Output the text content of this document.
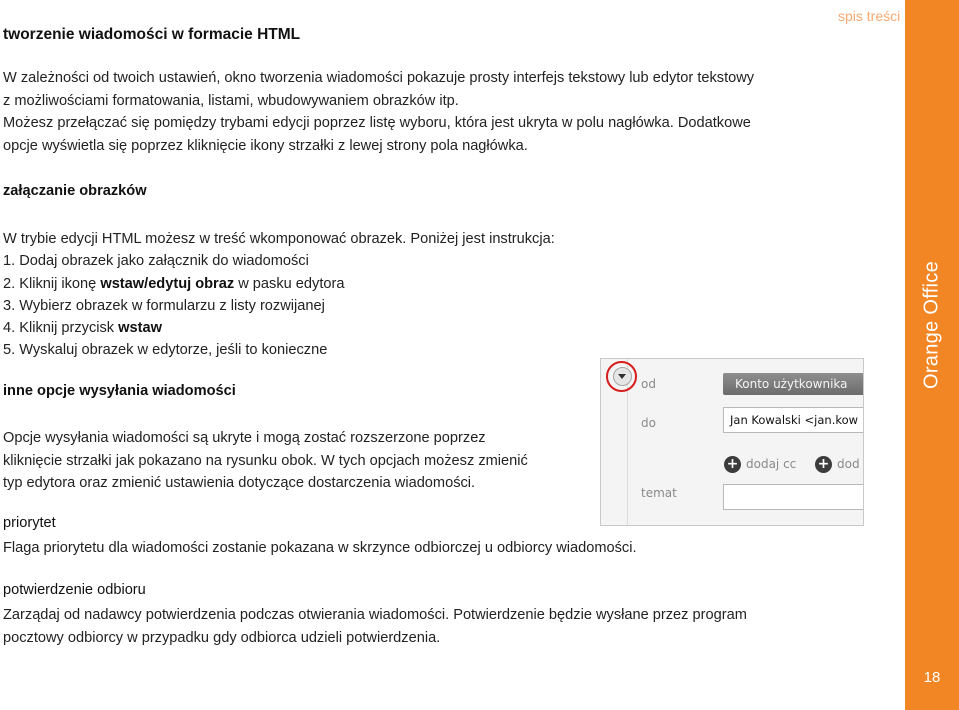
tworzenie wiadomości w formacie HTML
spis treści

W zależności od twoich ustawień, okno tworzenia wiadomości pokazuje prosty interfejs tekstowy lub edytor tekstowy

z możliwościami formatowania, listami, wbudowywaniem obrazków itp.

Możesz przełączać się pomiędzy trybami edycji poprzez listę wyboru, która jest ukryta w polu nagłówka. Dodatkowe

opcje wyświetla się poprzez kliknięcie ikony strzałki z lewej strony pola nagłówka.

załączanie obrazków

W trybie edycji HTML możesz w treść wkomponować obrazek. Poniżej jest instrukcja:

1. Dodaj obrazek jako załącznik do wiadomości

2. Kliknij ikonę wstaw/edytuj obraz w pasku edytora

3. Wybierz obrazek w formularzu z listy rozwijanej

4. Kliknij przycisk wstaw

5. Wyskaluj obrazek w edytorze, jeśli to konieczne

inne opcje wysyłania wiadomości

Opcje wysyłania wiadomości są ukryte i mogą zostać rozszerzone poprzez

kliknięcie strzałki jak pokazano na rysunku obok. W tych opcjach możesz zmienić

typ edytora oraz zmienić ustawienia dotyczące dostarczenia wiadomości.

priorytet
Flaga priorytetu dla wiadomości zostanie pokazana w skrzynce odbiorczej u odbiorcy wiadomości.
potwierdzenie odbioru

Zarządaj od nadawcy potwierdzenia podczas otwierania wiadomości. Potwierdzenie będzie wysłane przez program

pocztowy odbiorcy w przypadku gdy odbiorca udzieli potwierdzenia.

od	Konto użytkownika
do	Jan Kowalski <jan.kow
+ dodaj cc + dod
temat
Orange Office
18
